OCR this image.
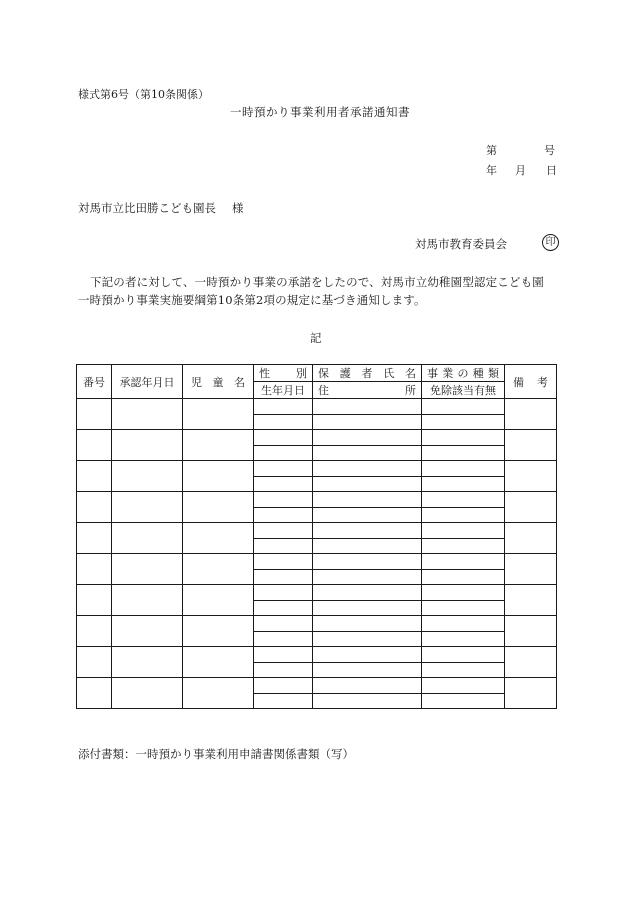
様式第6号（第10条関係）
一時預かり事業利用者承諾通知書
第	号
年 月 日
対馬市立比田勝こども園長 様
対馬市教育委員会	印
下記の者に対して、一時預かり事業の承諾をしたので、対馬市立幼稚園型認定こども園
一時預かり事業実施要綱第10条第2項の規定に基づき通知します。
記
番号	承認年月日	児 童 名	性 別	保 護 者 氏 名	事 業 の 種 類	備 考

			生年月日	住 所	免除該当有無	

添付書類：一時預かり事業利用申請書関係書類（写）
